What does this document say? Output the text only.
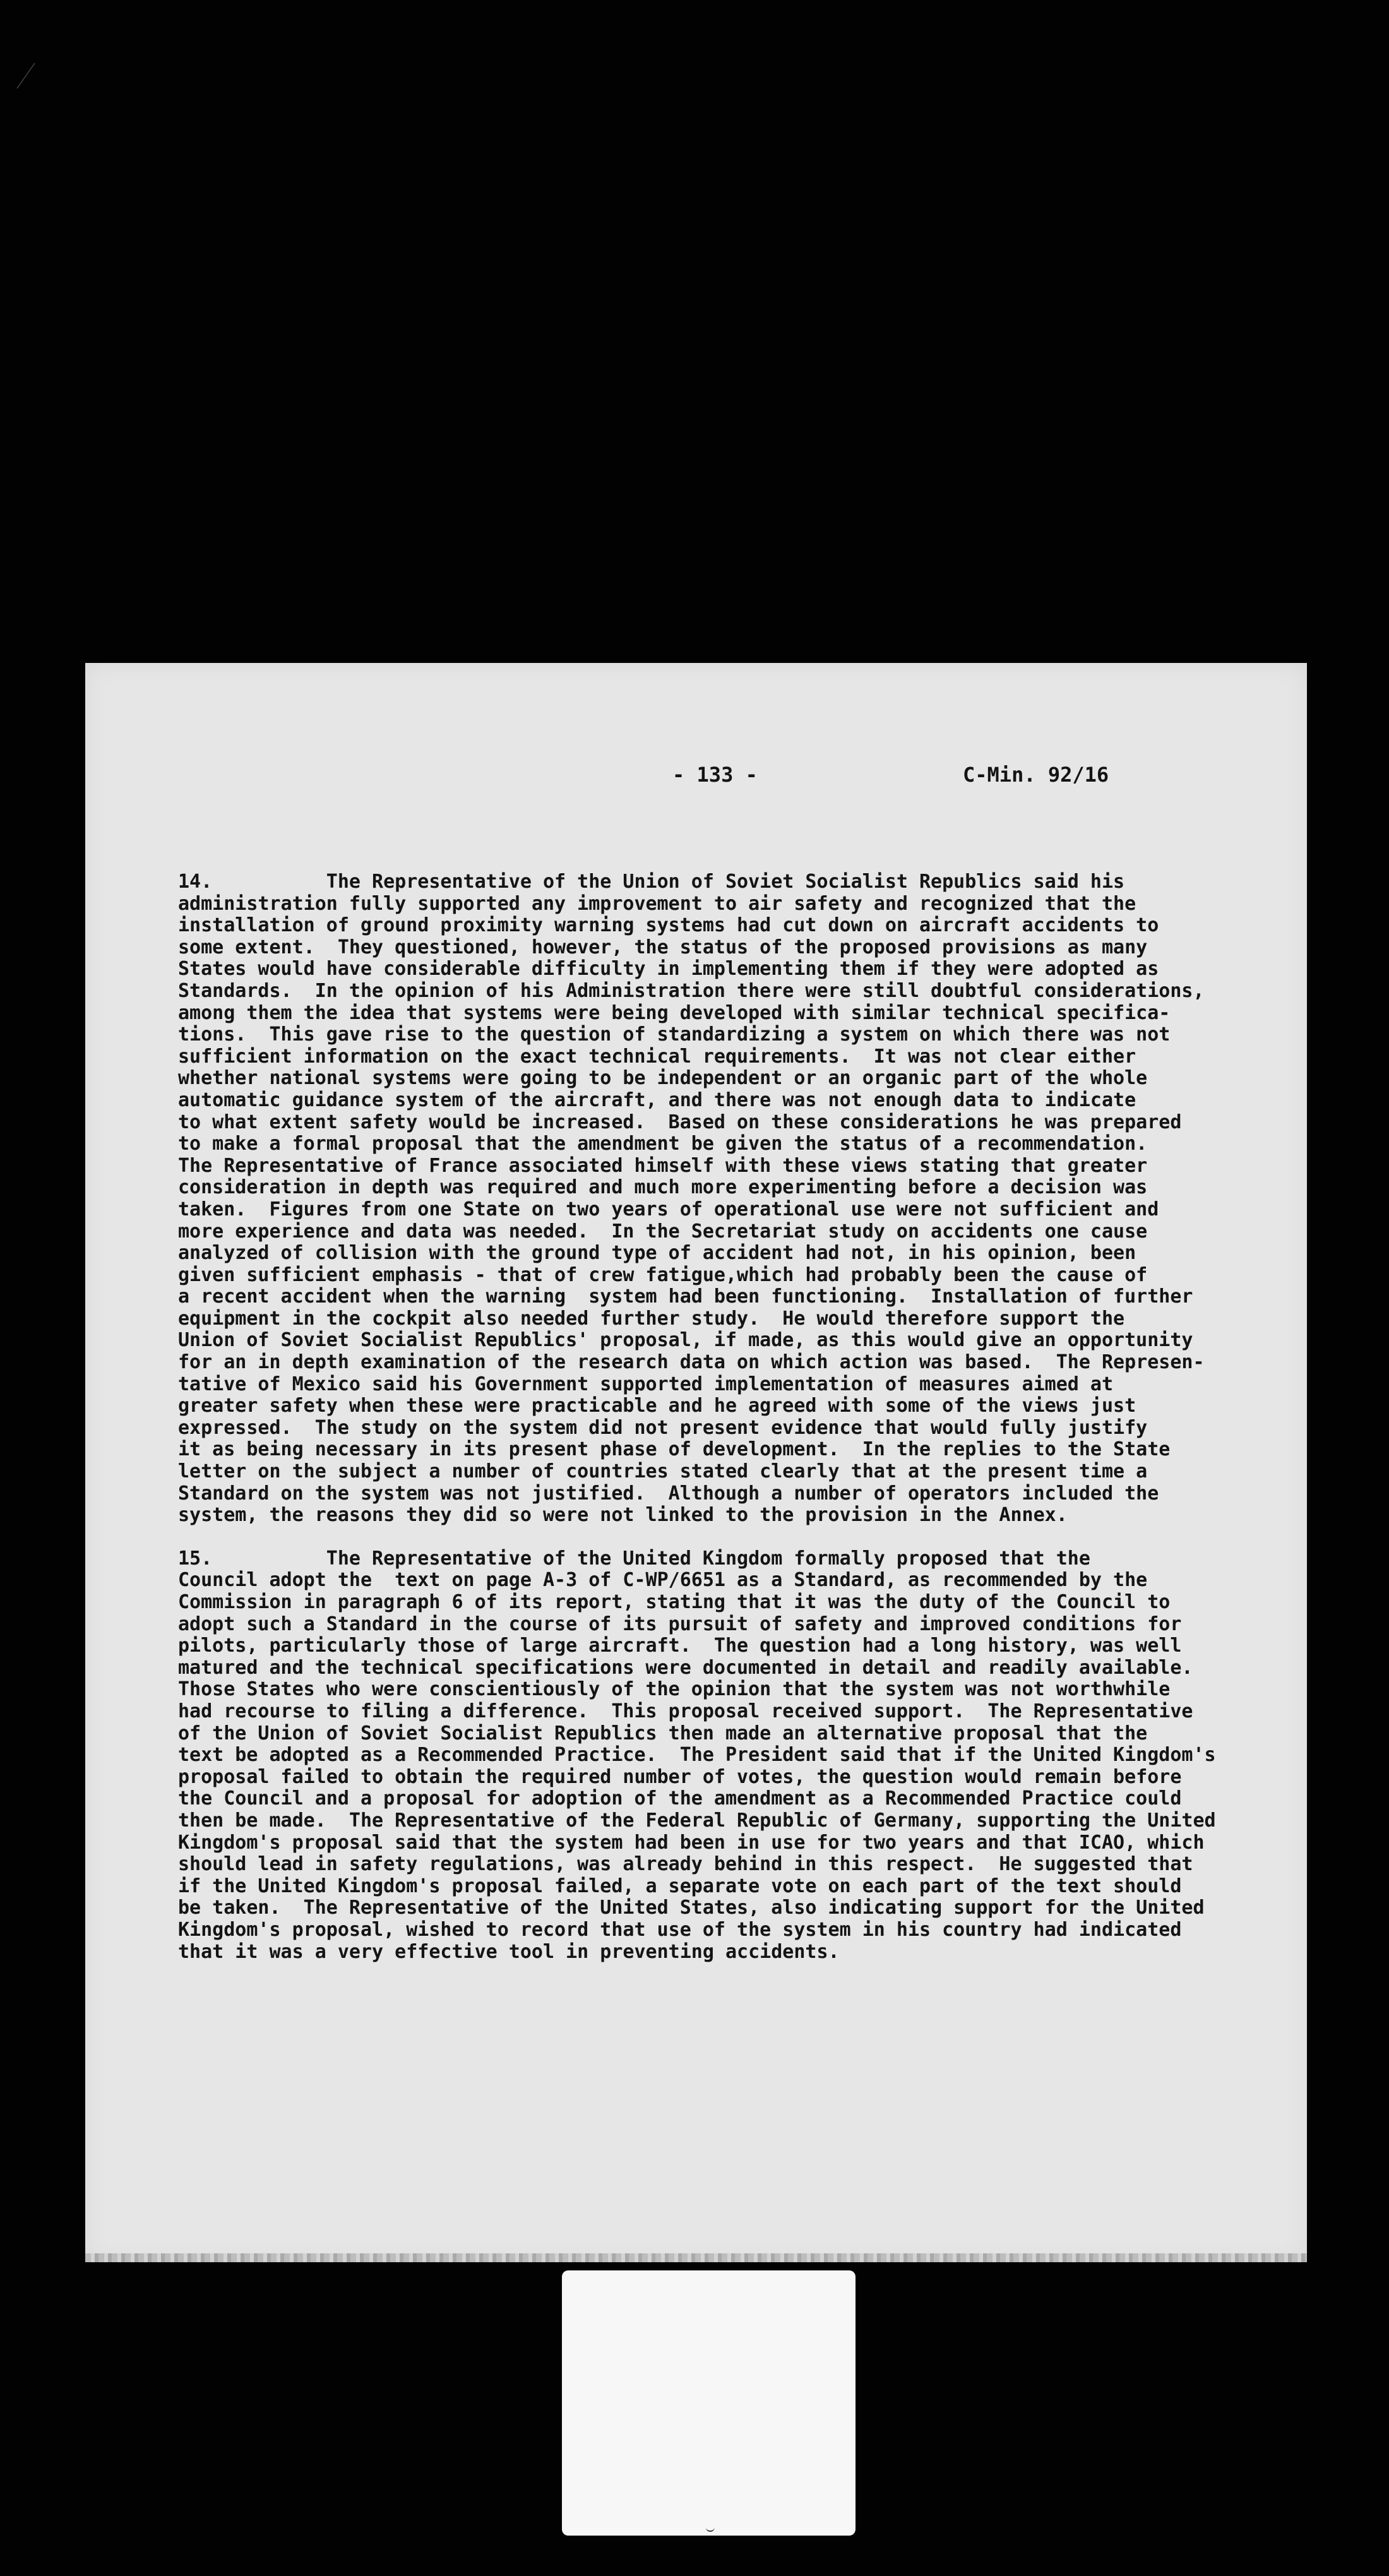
- 133 -	C-Min. 92/16
14.          The Representative of the Union of Soviet Socialist Republics said his
administration fully supported any improvement to air safety and recognized that the
installation of ground proximity warning systems had cut down on aircraft accidents to
some extent.  They questioned, however, the status of the proposed provisions as many
States would have considerable difficulty in implementing them if they were adopted as
Standards.  In the opinion of his Administration there were still doubtful considerations,
among them the idea that systems were being developed with similar technical specifica-
tions.  This gave rise to the question of standardizing a system on which there was not
sufficient information on the exact technical requirements.  It was not clear either
whether national systems were going to be independent or an organic part of the whole
automatic guidance system of the aircraft, and there was not enough data to indicate
to what extent safety would be increased.  Based on these considerations he was prepared
to make a formal proposal that the amendment be given the status of a recommendation.
The Representative of France associated himself with these views stating that greater
consideration in depth was required and much more experimenting before a decision was
taken.  Figures from one State on two years of operational use were not sufficient and
more experience and data was needed.  In the Secretariat study on accidents one cause
analyzed of collision with the ground type of accident had not, in his opinion, been
given sufficient emphasis - that of crew fatigue,which had probably been the cause of
a recent accident when the warning  system had been functioning.  Installation of further
equipment in the cockpit also needed further study.  He would therefore support the
Union of Soviet Socialist Republics' proposal, if made, as this would give an opportunity
for an in depth examination of the research data on which action was based.  The Represen-
tative of Mexico said his Government supported implementation of measures aimed at
greater safety when these were practicable and he agreed with some of the views just
expressed.  The study on the system did not present evidence that would fully justify
it as being necessary in its present phase of development.  In the replies to the State
letter on the subject a number of countries stated clearly that at the present time a
Standard on the system was not justified.  Although a number of operators included the
system, the reasons they did so were not linked to the provision in the Annex.
15.          The Representative of the United Kingdom formally proposed that the
Council adopt the  text on page A-3 of C-WP/6651 as a Standard, as recommended by the
Commission in paragraph 6 of its report, stating that it was the duty of the Council to
adopt such a Standard in the course of its pursuit of safety and improved conditions for
pilots, particularly those of large aircraft.  The question had a long history, was well
matured and the technical specifications were documented in detail and readily available.
Those States who were conscientiously of the opinion that the system was not worthwhile
had recourse to filing a difference.  This proposal received support.  The Representative
of the Union of Soviet Socialist Republics then made an alternative proposal that the
text be adopted as a Recommended Practice.  The President said that if the United Kingdom's
proposal failed to obtain the required number of votes, the question would remain before
the Council and a proposal for adoption of the amendment as a Recommended Practice could
then be made.  The Representative of the Federal Republic of Germany, supporting the United
Kingdom's proposal said that the system had been in use for two years and that ICAO, which
should lead in safety regulations, was already behind in this respect.  He suggested that
if the United Kingdom's proposal failed, a separate vote on each part of the text should
be taken.  The Representative of the United States, also indicating support for the United
Kingdom's proposal, wished to record that use of the system in his country had indicated
that it was a very effective tool in preventing accidents.
